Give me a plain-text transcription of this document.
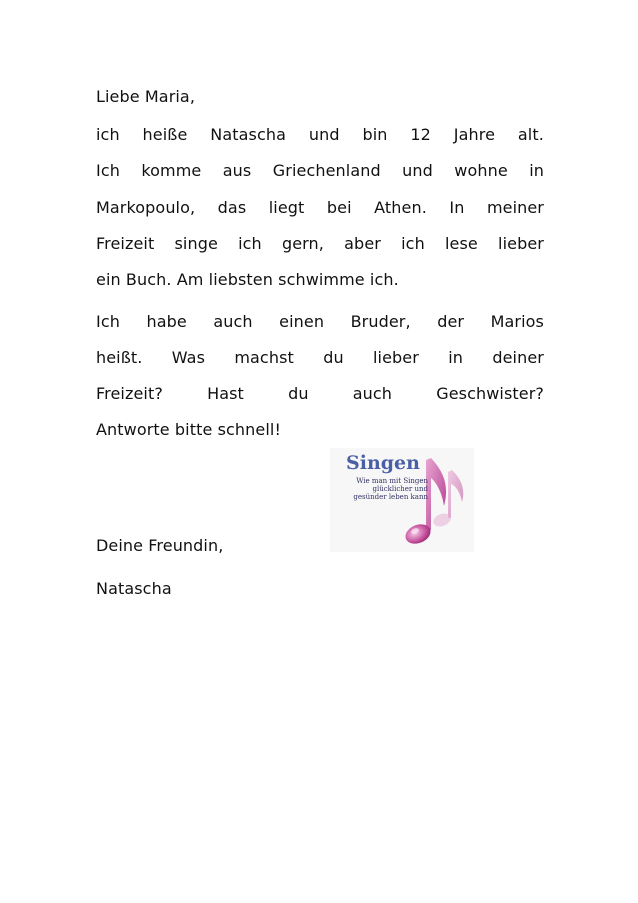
Liebe Maria,
ich heiße Natascha und bin 12 Jahre alt.
Ich komme aus Griechenland und wohne in
Markopoulo, das liegt bei Athen. In meiner
Freizeit singe ich gern, aber ich lese lieber
ein Buch. Am liebsten schwimme ich.
Ich habe auch einen Bruder, der Marios
heißt. Was machst du lieber in deiner
Freizeit?	Hast	du	auch	Geschwister?
Antworte bitte schnell!
Singen
Wie man mit Singen glücklicher und gesünder leben kann
Deine Freundin,
Natascha
